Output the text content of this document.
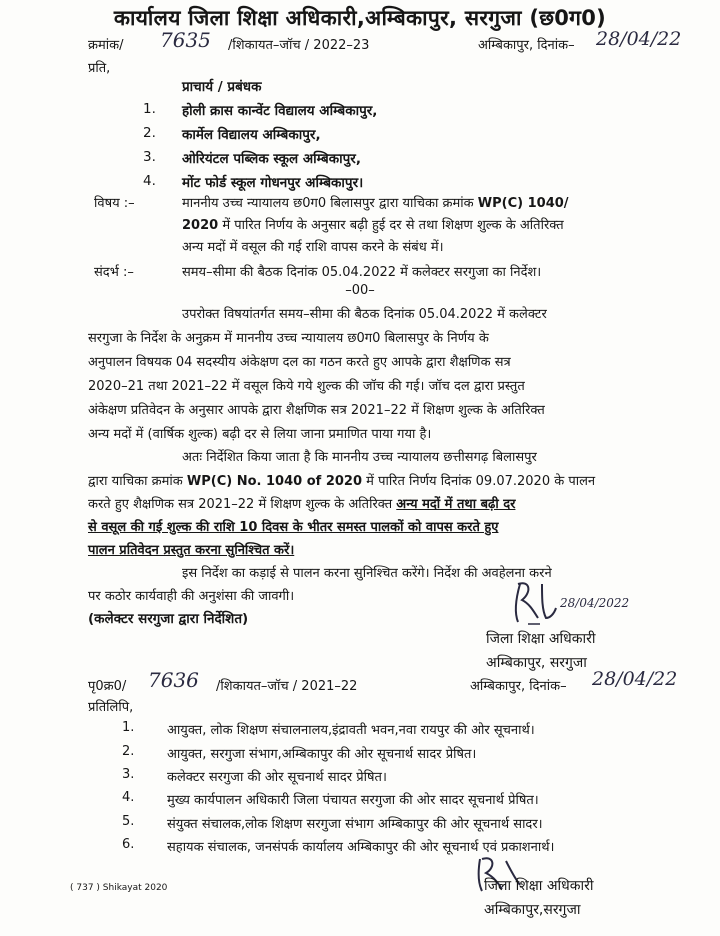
कार्यालय जिला शिक्षा अधिकारी,अम्बिकापुर, सरगुजा (छ0ग0)
क्रमांक/ 7635 /शिकायत–जॉच / 2022–23	अम्बिकापुर, दिनांक– 28/04/22
प्रति,
प्राचार्य / प्रबंधक
1. होली क्रास कान्वेंट विद्यालय अम्बिकापुर,
2. कार्मेल विद्यालय अम्बिकापुर,
3. ओरियंटल पब्लिक स्कूल अम्बिकापुर,
4. मोंट फोर्ड स्कूल गोधनपुर अम्बिकापुर।
विषय :–	माननीय उच्च न्यायालय छ0ग0 बिलासपुर द्वारा याचिका क्रमांक WP(C) 1040/
2020 में पारित निर्णय के अनुसार बढ़ी हुई दर से तथा शिक्षण शुल्क के अतिरिक्त
अन्य मदों में वसूल की गई राशि वापस करने के संबंध में।
संदर्भ :–	समय–सीमा की बैठक दिनांक 05.04.2022 में कलेक्टर सरगुजा का निर्देश।
–00–
उपरोक्त विषयांतर्गत समय–सीमा की बैठक दिनांक 05.04.2022 में कलेक्टर
सरगुजा के निर्देश के अनुक्रम में माननीय उच्च न्यायालय छ0ग0 बिलासपुर के निर्णय के
अनुपालन विषयक 04 सदस्यीय अंकेक्षण दल का गठन करते हुए आपके द्वारा शैक्षणिक सत्र
2020–21 तथा 2021–22 में वसूल किये गये शुल्क की जॉच की गई। जॉच दल द्वारा प्रस्तुत
अंकेक्षण प्रतिवेदन के अनुसार आपके द्वारा शैक्षणिक सत्र 2021–22 में शिक्षण शुल्क के अतिरिक्त
अन्य मदों में (वार्षिक शुल्क) बढ़ी दर से लिया जाना प्रमाणित पाया गया है।
अतः निर्देशित किया जाता है कि माननीय उच्च न्यायालय छत्तीसगढ़ बिलासपुर
द्वारा याचिका क्रमांक WP(C) No. 1040 of 2020 में पारित निर्णय दिनांक 09.07.2020 के पालन
करते हुए शैक्षणिक सत्र 2021–22 में शिक्षण शुल्क के अतिरिक्त अन्य मदों में तथा बढ़ी दर
से वसूल की गई शुल्क की राशि 10 दिवस के भीतर समस्त पालकों को वापस करते हुए
पालन प्रतिवेदन प्रस्तुत करना सुनिश्चित करें।
इस निर्देश का कड़ाई से पालन करना सुनिश्चित करेंगे। निर्देश की अवहेलना करने
पर कठोर कार्यवाही की अनुशंसा की जावगी।
(कलेक्टर सरगुजा द्वारा निर्देशित)
28/04/2022
जिला शिक्षा अधिकारी
अम्बिकापुर, सरगुजा
पृ0क्र0/ 7636 /शिकायत–जॉच / 2021–22	अम्बिकापुर, दिनांक– 28/04/22
प्रतिलिपि,
1.	आयुक्त, लोक शिक्षण संचालनालय,इंद्रावती भवन,नवा रायपुर की ओर सूचनार्थ।
2.	आयुक्त, सरगुजा संभाग,अम्बिकापुर की ओर सूचनार्थ सादर प्रेषित।
3.	कलेक्टर सरगुजा की ओर सूचनार्थ सादर प्रेषित।
4.	मुख्य कार्यपालन अधिकारी जिला पंचायत सरगुजा की ओर सादर सूचनार्थ प्रेषित।
5.	संयुक्त संचालक,लोक शिक्षण सरगुजा संभाग अम्बिकापुर की ओर सूचनार्थ सादर।
6.	सहायक संचालक, जनसंपर्क कार्यालय अम्बिकापुर की ओर सूचनार्थ एवं प्रकाशनार्थ।
जिला शिक्षा अधिकारी
अम्बिकापुर,सरगुजा
( 737 ) Shikayat 2020
